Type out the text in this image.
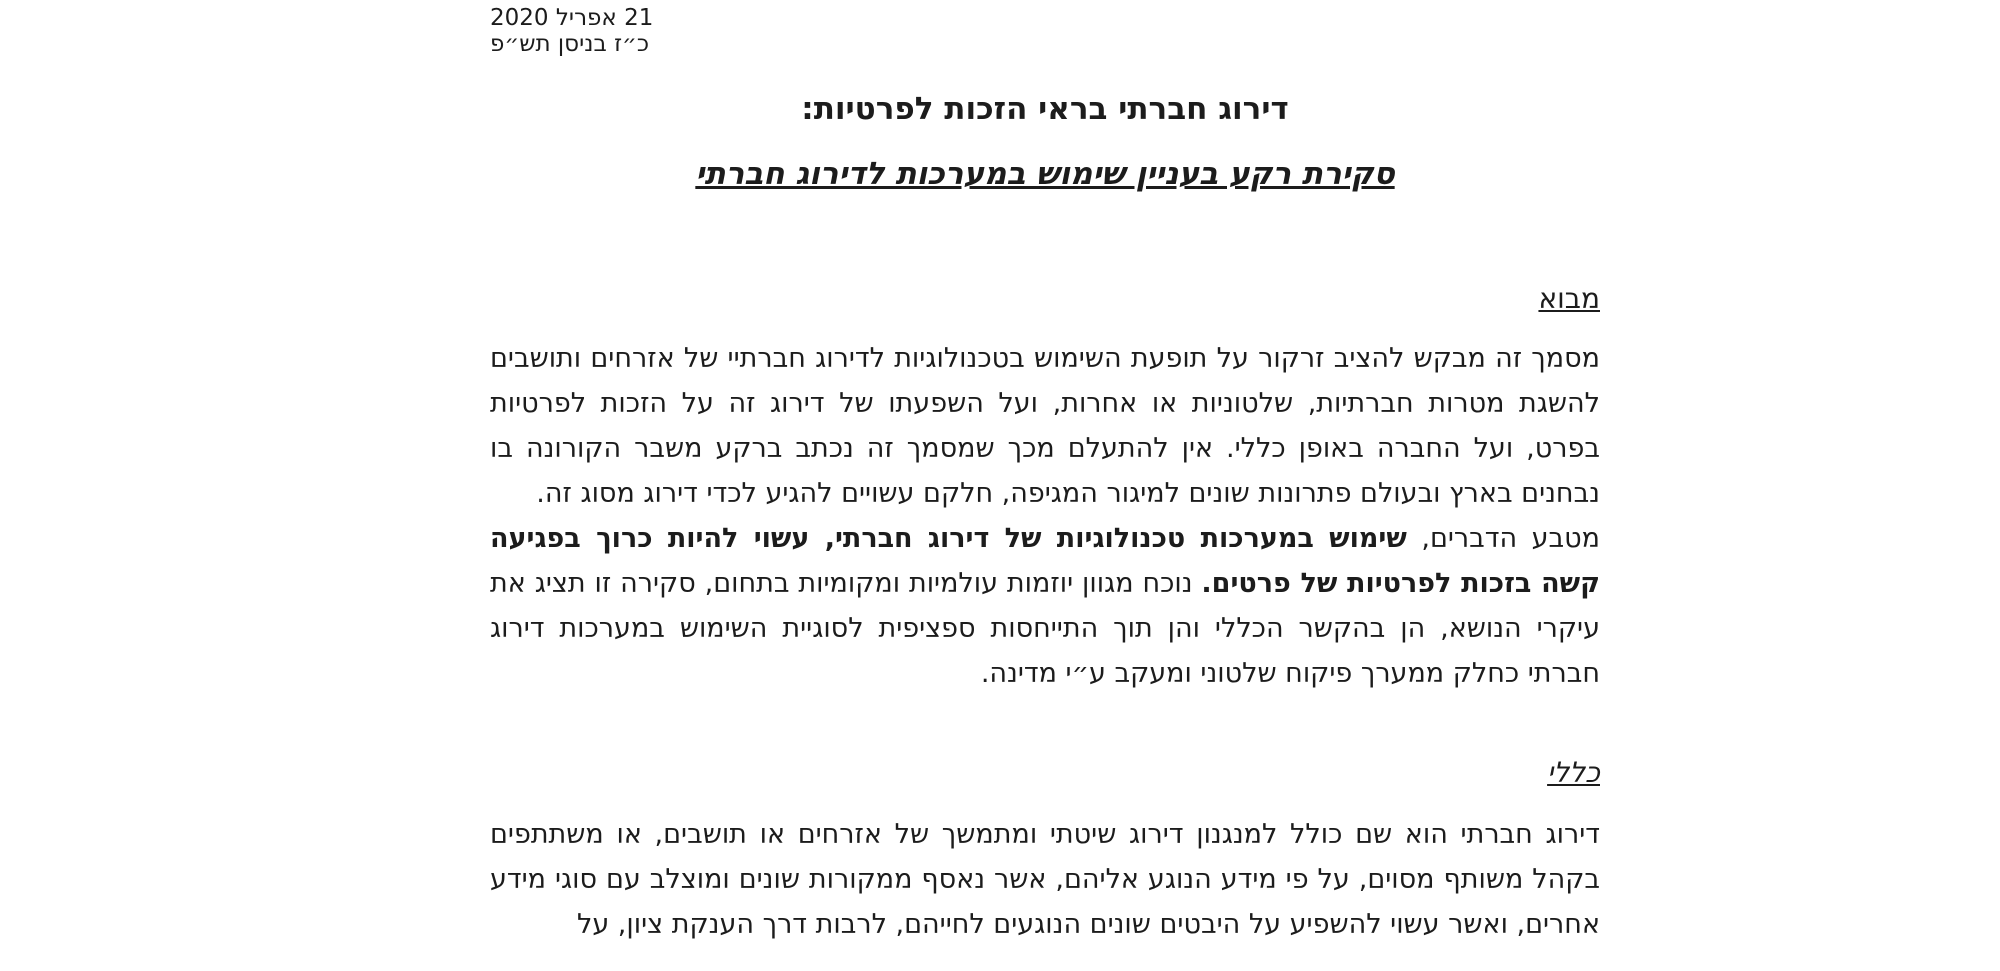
21 אפריל 2020
כ״ז בניסן תש״פ
דירוג חברתי בראי הזכות לפרטיות:
סקירת רקע בעניין שימוש במערכות לדירוג חברתי
מבוא

מסמך זה מבקש להציב זרקור על תופעת השימוש בטכנולוגיות לדירוג חברתיי של אזרחים ותושבים להשגת מטרות חברתיות, שלטוניות או אחרות, ועל השפעתו של דירוג זה על הזכות לפרטיות בפרט, ועל החברה באופן כללי. אין להתעלם מכך שמסמך זה נכתב ברקע משבר הקורונה בו נבחנים בארץ ובעולם פתרונות שונים למיגור המגיפה, חלקם עשויים להגיע לכדי דירוג מסוג זה.

מטבע הדברים, שימוש במערכות טכנולוגיות של דירוג חברתי, עשוי להיות כרוך בפגיעה קשה בזכות לפרטיות של פרטים. נוכח מגוון יוזמות עולמיות ומקומיות בתחום, סקירה זו תציג את עיקרי הנושא, הן בהקשר הכללי והן תוך התייחסות ספציפית לסוגיית השימוש במערכות דירוג חברתי כחלק ממערך פיקוח שלטוני ומעקב ע״י מדינה.

כללי

דירוג חברתי הוא שם כולל למנגנון דירוג שיטתי ומתמשך של אזרחים או תושבים, או משתתפים בקהל משותף מסוים, על פי מידע הנוגע אליהם, אשר נאסף ממקורות שונים ומוצלב עם סוגי מידע אחרים, ואשר עשוי להשפיע על היבטים שונים הנוגעים לחייהם, לרבות דרך הענקת ציון, על
